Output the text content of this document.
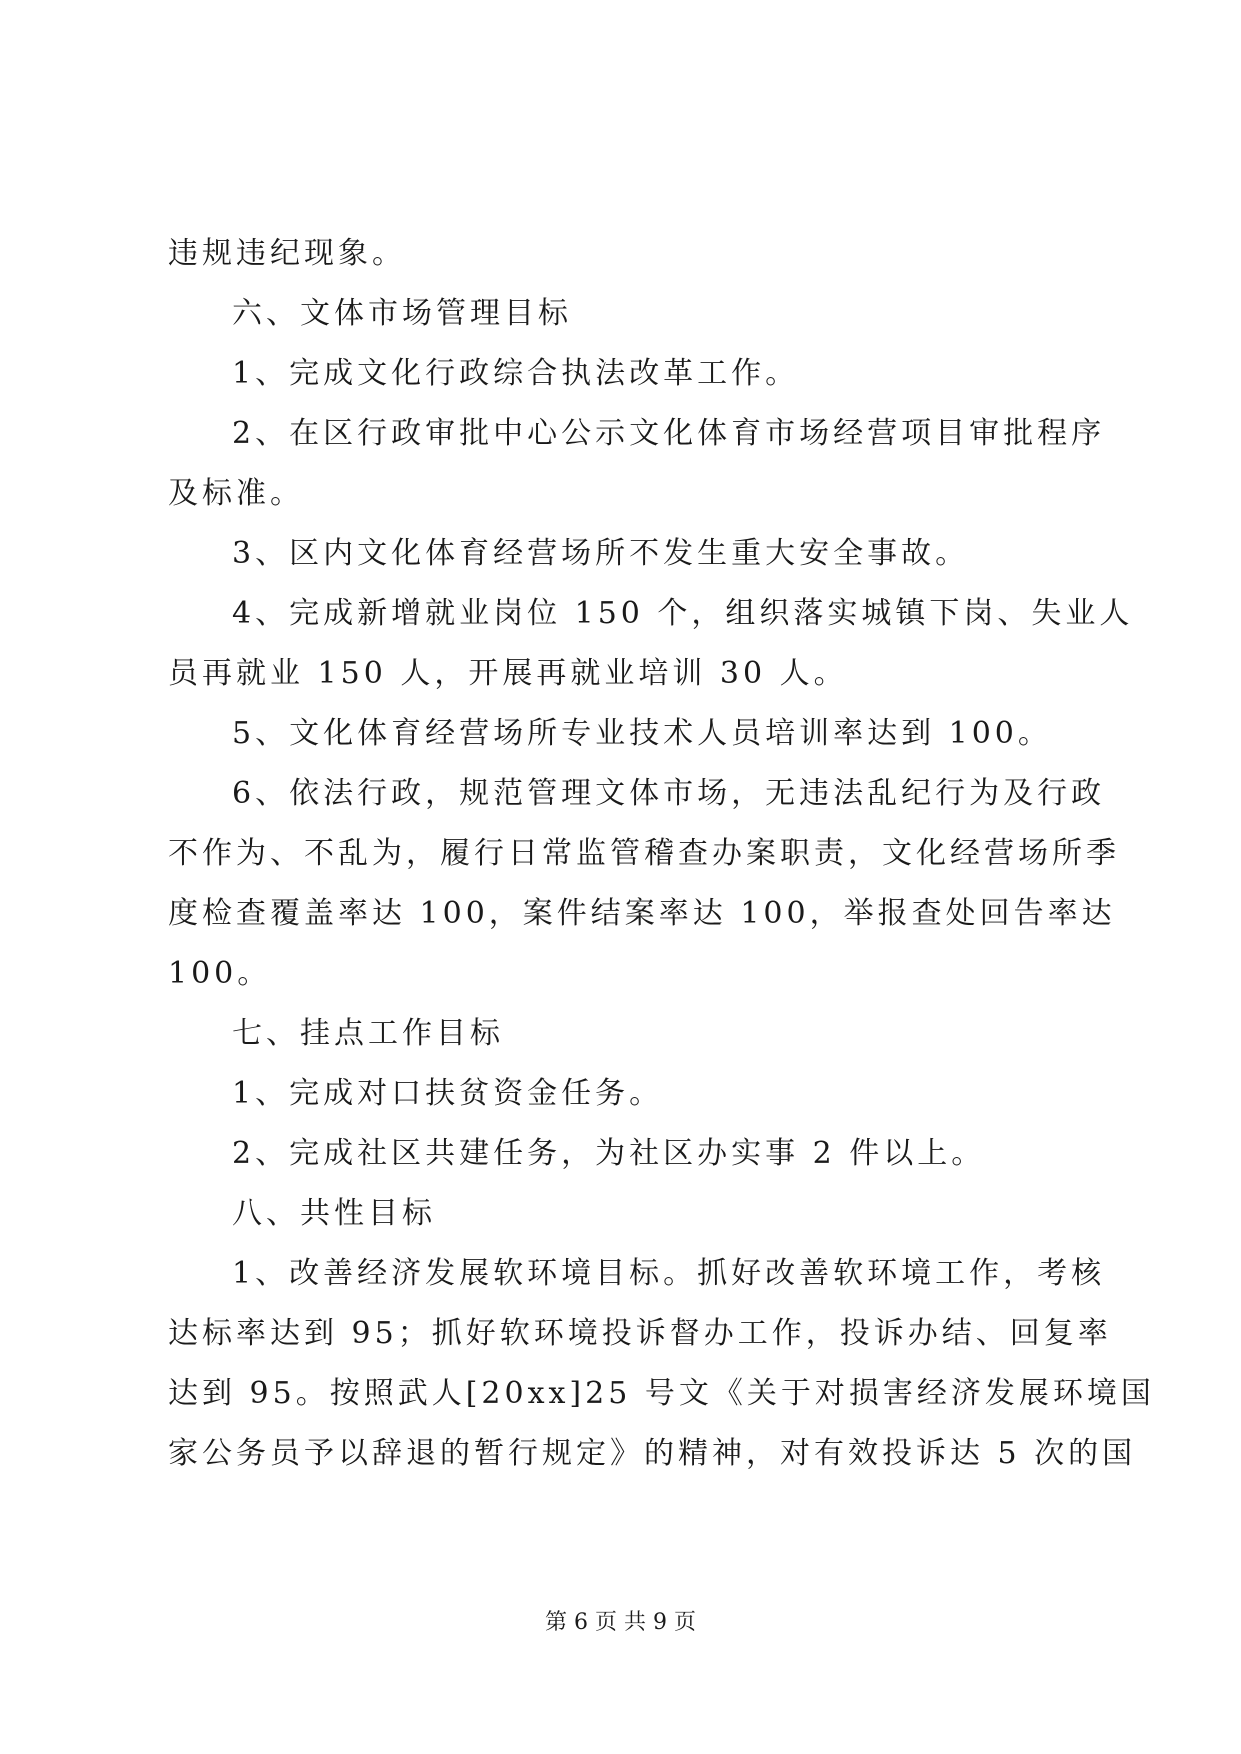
违规违纪现象。
六、文体市场管理目标
1、完成文化行政综合执法改革工作。
2、在区行政审批中心公示文化体育市场经营项目审批程序
及标准。
3、区内文化体育经营场所不发生重大安全事故。
4、完成新增就业岗位 150 个，组织落实城镇下岗、失业人
员再就业 150 人，开展再就业培训 30 人。
5、文化体育经营场所专业技术人员培训率达到 100。
6、依法行政，规范管理文体市场，无违法乱纪行为及行政
不作为、不乱为，履行日常监管稽查办案职责，文化经营场所季
度检查覆盖率达 100，案件结案率达 100，举报查处回告率达
100。
七、挂点工作目标
1、完成对口扶贫资金任务。
2、完成社区共建任务，为社区办实事 2 件以上。
八、共性目标
1、改善经济发展软环境目标。抓好改善软环境工作，考核
达标率达到 95；抓好软环境投诉督办工作，投诉办结、回复率
达到 95。按照武人[20xx]25 号文《关于对损害经济发展环境国
家公务员予以辞退的暂行规定》的精神，对有效投诉达 5 次的国
第 6 页 共 9 页
